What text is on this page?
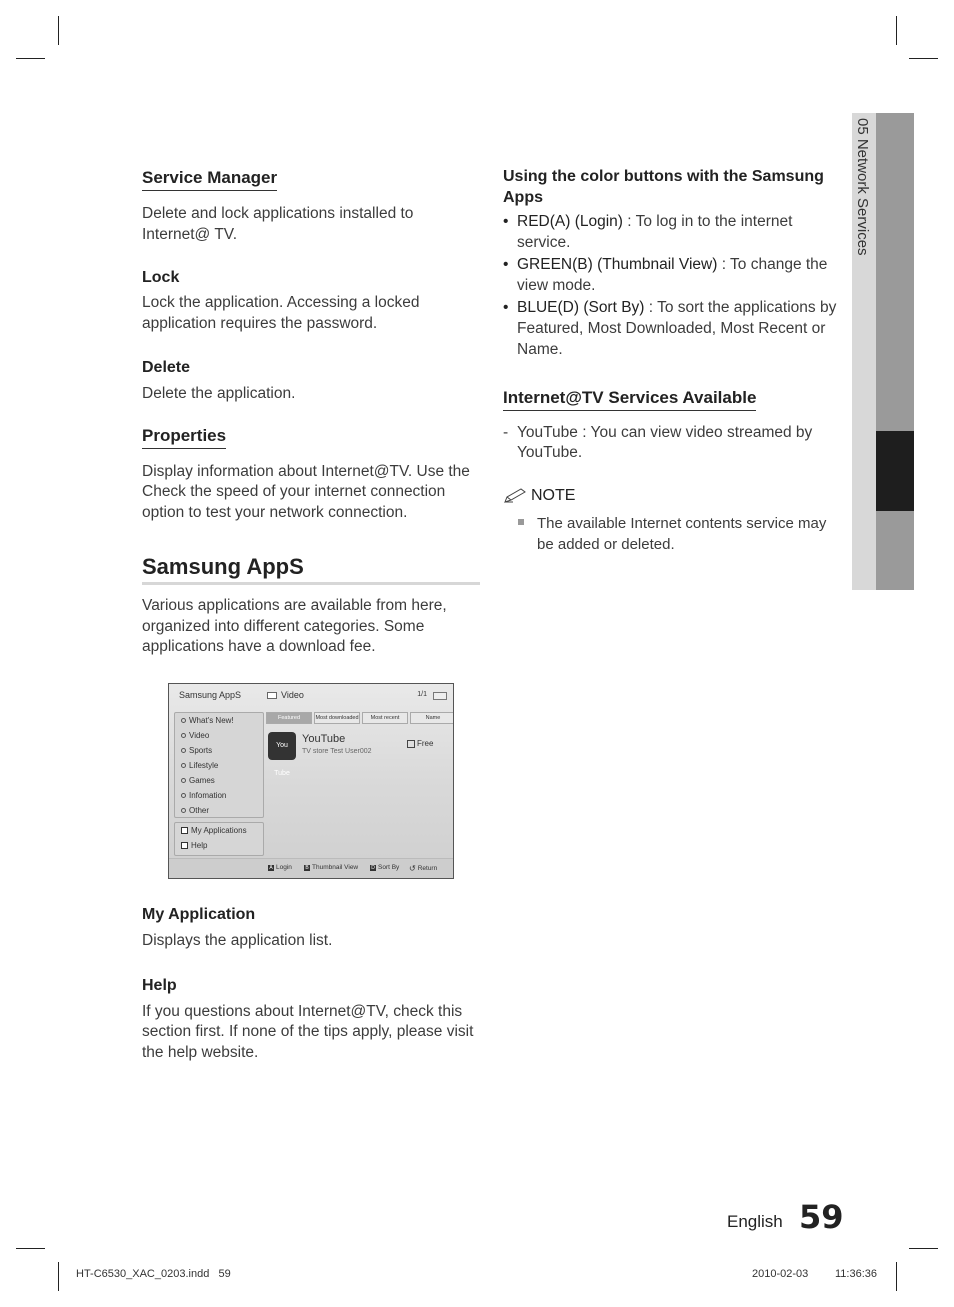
05 Network Services
Service Manager

Delete and lock applications installed to Internet@ TV.

Lock

Lock the application. Accessing a locked application requires the password.

Delete

Delete the application.

Properties

Display information about Internet@TV. Use the Check the speed of your internet connection option to test your network connection.

Samsung AppS

Various applications are available from here, organized into different categories. Some applications have a download fee.

My Application

Displays the application list.

Help

If you questions about Internet@TV, check this section first. If none of the tips apply, please visit the help website.

Samsung AppS	Video	1/1
What's New!
Video
Sports
Lifestyle
Games
Infomation
Other
My Applications
Help
Featured	Most downloaded	Most recent	Name
You Tube
YouTube
TV store Test User002
Free
A Login	B Thumbnail View	D Sort By ↺ Return
Using the color buttons with the Samsung Apps
• RED(A) (Login) : To log in to the internet service.
• GREEN(B) (Thumbnail View) : To change the view mode.
• BLUE(D) (Sort By) : To sort the applications by Featured, Most Downloaded, Most Recent or Name.
Internet@TV Services Available
- YouTube : You can view video streamed by YouTube.
NOTE
The available Internet contents service may be added or deleted.
English 59
HT-C6530_XAC_0203.indd   59	2010-02-03 11:36:36
